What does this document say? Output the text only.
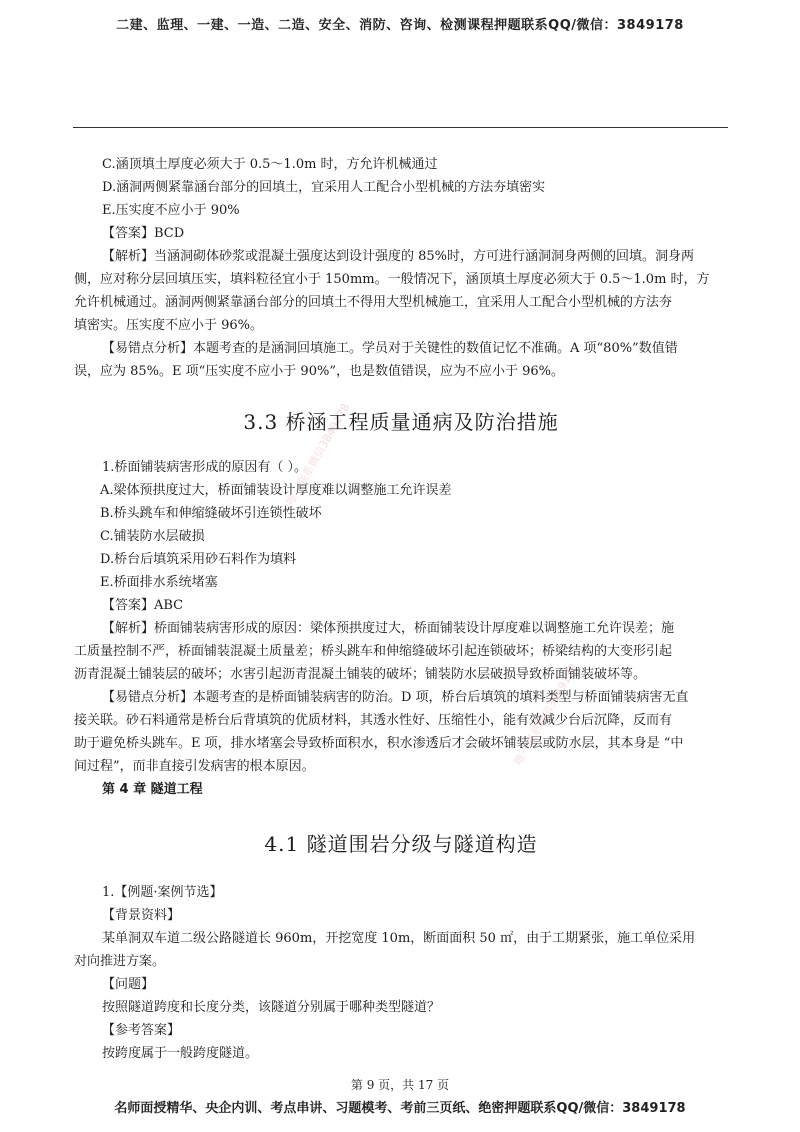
二建、监理、一建、一造、二造、安全、消防、咨询、检测课程押题联系QQ/微信：3849178

C.涵顶填土厚度必须大于 0.5～1.0m 时，方允许机械通过

D.涵洞两侧紧靠涵台部分的回填土，宜采用人工配合小型机械的方法夯填密实

E.压实度不应小于 90%

【答案】BCD

【解析】当涵洞砌体砂浆或混凝土强度达到设计强度的 85%时，方可进行涵洞洞身两侧的回填。洞身两

侧，应对称分层回填压实，填料粒径宜小于 150mm。一般情况下，涵顶填土厚度必须大于 0.5～1.0m 时，方

允许机械通过。涵洞两侧紧靠涵台部分的回填土不得用大型机械施工，宜采用人工配合小型机械的方法夯

填密实。压实度不应小于 96%。

【易错点分析】本题考查的是涵洞回填施工。学员对于关键性的数值记忆不准确。A 项“80%”数值错

误，应为 85%。E 项“压实度不应小于 90%”，也是数值错误，应为不应小于 96%。

3.3 桥涵工程质量通病及防治措施

1.桥面铺装病害形成的原因有（ ）。

A.梁体预拱度过大，桥面铺装设计厚度难以调整施工允许误差

B.桥头跳车和伸缩缝破坏引连锁性破坏

C.铺装防水层破损

D.桥台后填筑采用砂石料作为填料

E.桥面排水系统堵塞

【答案】ABC

【解析】桥面铺装病害形成的原因：梁体预拱度过大，桥面铺装设计厚度难以调整施工允许误差；施

工质量控制不严，桥面铺装混凝土质量差；桥头跳车和伸缩缝破坏引起连锁破坏；桥梁结构的大变形引起

沥青混凝土铺装层的破坏；水害引起沥青混凝土铺装的破坏；铺装防水层破损导致桥面铺装破坏等。

【易错点分析】本题考查的是桥面铺装病害的防治。D 项，桥台后填筑的填料类型与桥面铺装病害无直

接关联。砂石料通常是桥台后背填筑的优质材料，其透水性好、压缩性小，能有效减少台后沉降，反而有

助于避免桥头跳车。E 项，排水堵塞会导致桥面积水，积水渗透后才会破坏铺装层或防水层，其本身是 “中

间过程”，而非直接引发病害的根本原因。

第 4 章 隧道工程

4.1 隧道围岩分级与隧道构造

1.【例题·案例节选】

【背景资料】

某单洞双车道二级公路隧道长 960m，开挖宽度 10m，断面面积 50 ㎡，由于工期紧张，施工单位采用

对向推进方案。

【问题】

按照隧道跨度和长度分类，该隧道分别属于哪种类型隧道？

【参考答案】

按跨度属于一般跨度隧道。

唯一联系微信3849178
唯一联系微信3849178
第 9 页，共 17 页
名师面授精华、央企内训、考点串讲、习题模考、考前三页纸、绝密押题联系QQ/微信：3849178
